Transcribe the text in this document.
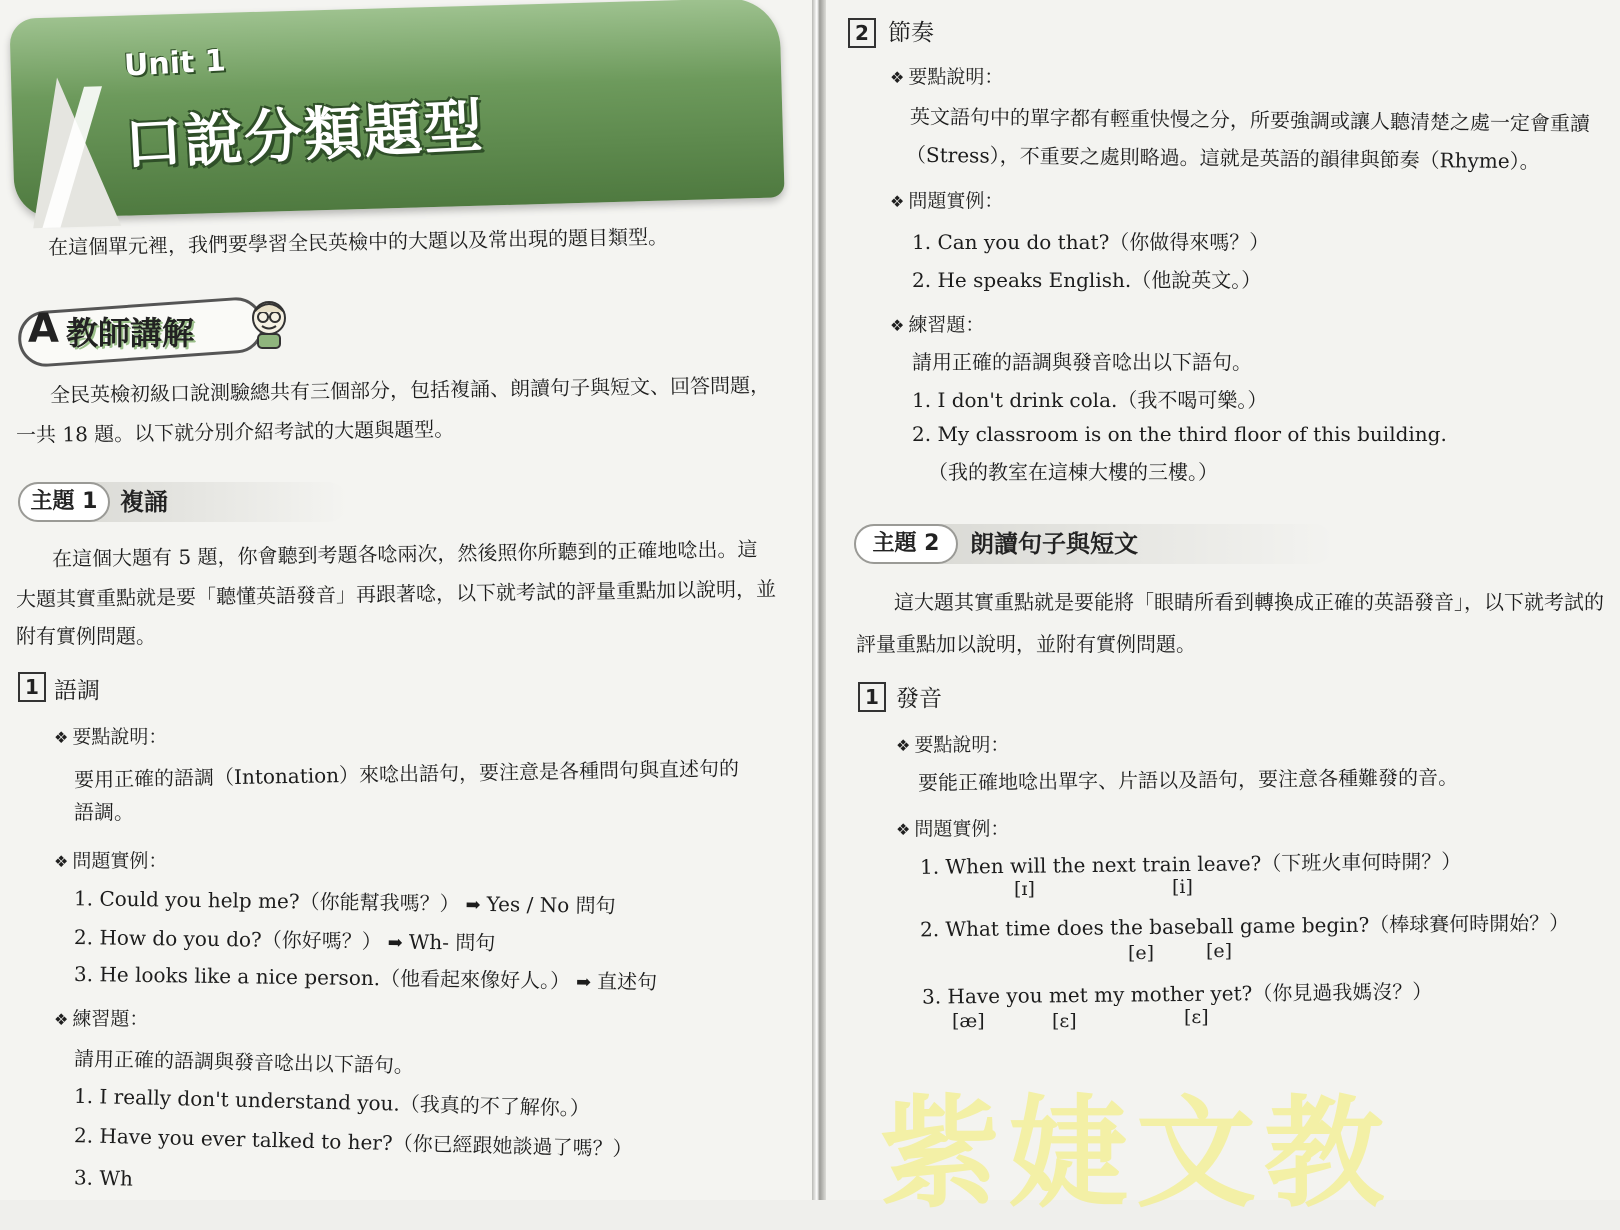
Unit 1
口說分類題型
在這個單元裡，我們要學習全民英檢中的大題以及常出現的題目類型。
A 教師講解
全民英檢初級口說測驗總共有三個部分，包括複誦、朗讀句子與短文、回答問題，
一共 18 題。以下就分別介紹考試的大題與題型。
主題 1 複誦
在這個大題有 5 題，你會聽到考題各唸兩次，然後照你所聽到的正確地唸出。這
大題其實重點就是要「聽懂英語發音」再跟著唸，以下就考試的評量重點加以說明，並
附有實例問題。
1 語調
❖ 要點說明：
要用正確的語調（Intonation）來唸出語句，要注意是各種問句與直述句的
語調。
❖ 問題實例：
1. Could you help me?（你能幫我嗎？） ➡ Yes / No 問句
2. How do you do?（你好嗎？） ➡ Wh- 問句
3. He looks like a nice person.（他看起來像好人。） ➡ 直述句
❖ 練習題：
請用正確的語調與發音唸出以下語句。
1. I really don't understand you.（我真的不了解你。）
2. Have you ever talked to her?（你已經跟她談過了嗎？）
3. Wh
2 節奏
❖ 要點說明：
英文語句中的單字都有輕重快慢之分，所要強調或讓人聽清楚之處一定會重讀
（Stress），不重要之處則略過。這就是英語的韻律與節奏（Rhyme）。
❖ 問題實例：
1. Can you do that?（你做得來嗎？）
2. He speaks English.（他說英文。）
❖ 練習題：
請用正確的語調與發音唸出以下語句。
1. I don't drink cola.（我不喝可樂。）
2. My classroom is on the third floor of this building.
（我的教室在這棟大樓的三樓。）
主題 2	朗讀句子與短文
這大題其實重點就是要能將「眼睛所看到轉換成正確的英語發音」，以下就考試的
評量重點加以說明，並附有實例問題。
1 發音
❖ 要點說明：
要能正確地唸出單字、片語以及語句，要注意各種難發的音。
❖ 問題實例：
1. When will the next train leave?（下班火車何時開？）
[ɪ]	[i]
2. What time does the baseball game begin?（棒球賽何時開始？）
[e]	[e]
3. Have you met my mother yet?（你見過我媽沒？）
[æ]	[ɛ]	[ɛ]
紫婕文教
